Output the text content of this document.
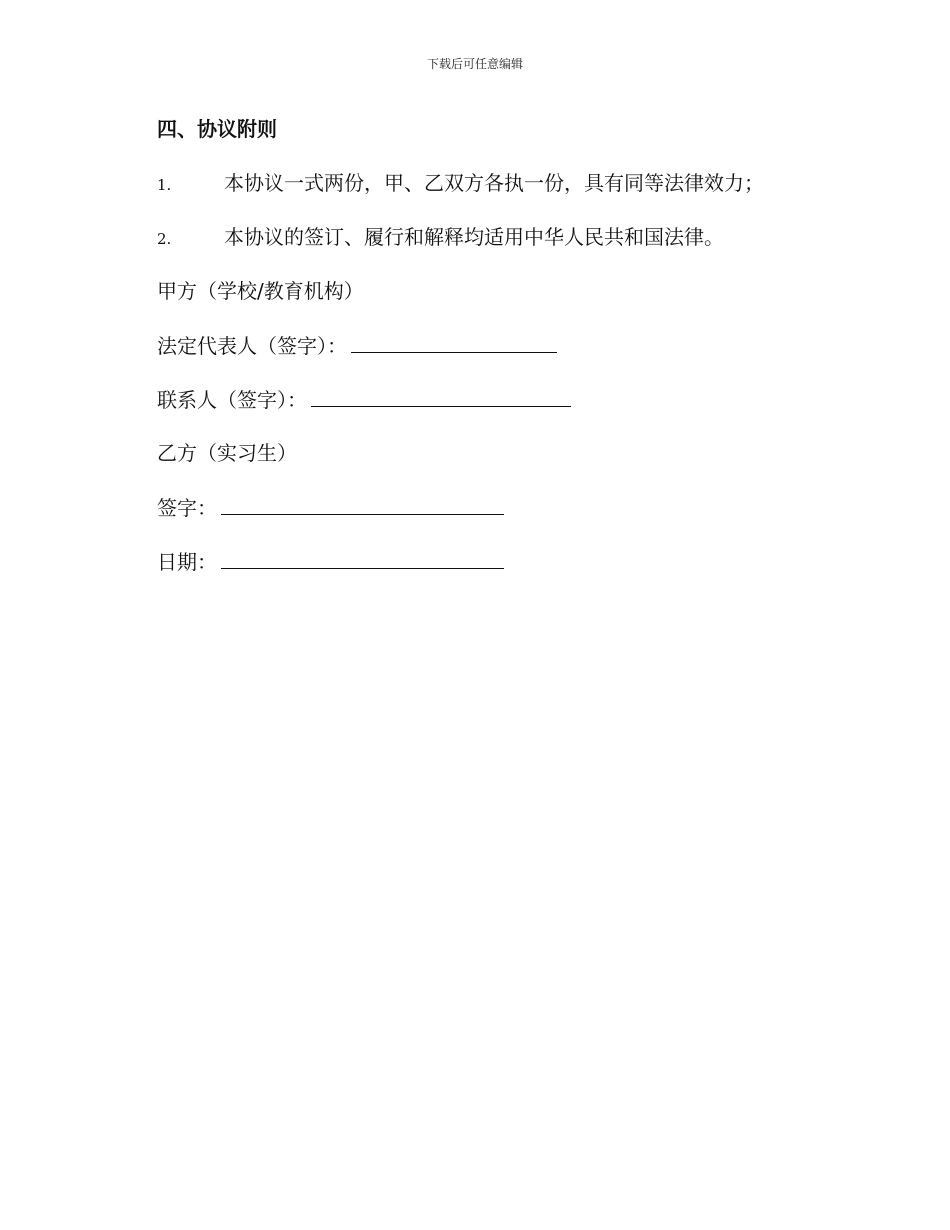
下载后可任意编辑
四、协议附则
1.	本协议一式两份，甲、乙双方各执一份，具有同等法律效力；
2.	本协议的签订、履行和解释均适用中华人民共和国法律。
甲方（学校/教育机构）
法定代表人（签字）：
联系人（签字）：
乙方（实习生）
签字：
日期：
